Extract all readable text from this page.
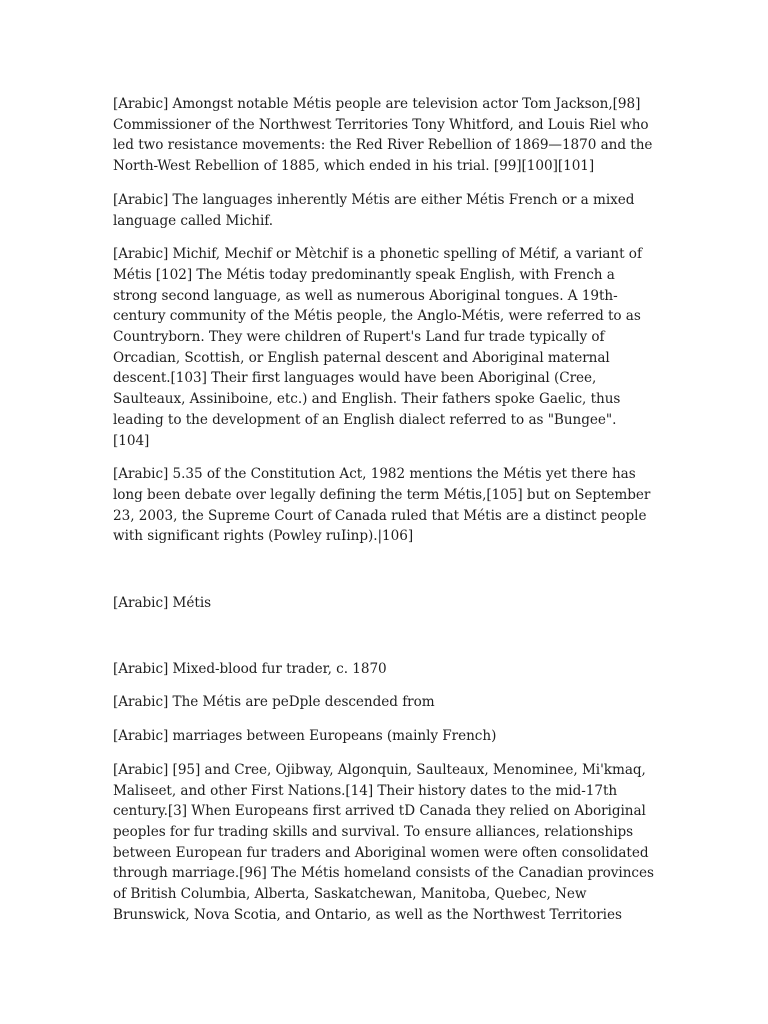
[Arabic] Amongst notable Métis people are television actor Tom Jackson,[98] Commissioner of the Northwest Territories Tony Whitford, and Louis Riel who led two resistance movements: the Red River Rebellion of 1869—1870 and the North-West Rebellion of 1885, which ended in his trial. [99][100][101]

[Arabic] The languages inherently Métis are either Métis French or a mixed language called Michif.

[Arabic] Michif, Mechif or Mètchif is a phonetic spelling of Métif, a variant of Métis [102] The Métis today predominantly speak English, with French a strong second language, as well as numerous Aboriginal tongues. A 19th-century community of the Métis people, the Anglo-Métis, were referred to as Countryborn. They were children of Rupert's Land fur trade typically of Orcadian, Scottish, or English paternal descent and Aboriginal maternal descent.[103] Their first languages would have been Aboriginal (Cree, Saulteaux, Assiniboine, etc.) and English. Their fathers spoke Gaelic, thus leading to the development of an English dialect referred to as "Bungee". [104]

[Arabic] 5.35 of the Constitution Act, 1982 mentions the Métis yet there has long been debate over legally defining the term Métis,[105] but on September 23, 2003, the Supreme Court of Canada ruled that Métis are a distinct people with significant rights (Powley ruIinp).|106]

[Arabic] Métis

[Arabic] Mixed-blood fur trader, c. 1870

[Arabic] The Métis are peDple descended from

[Arabic] marriages between Europeans (mainly French)

[Arabic] [95] and Cree, Ojibway, Algonquin, Saulteaux, Menominee, Mi'kmaq, Maliseet, and other First Nations.[14] Their history dates to the mid-17th century.[3] When Europeans first arrived tD Canada they relied on Aboriginal peoples for fur trading skills and survival. To ensure alliances, relationships between European fur traders and Aboriginal women were often consolidated through marriage.[96] The Métis homeland consists of the Canadian provinces of British Columbia, Alberta, Saskatchewan, Manitoba, Quebec, New Brunswick, Nova Scotia, and Ontario, as well as the Northwest Territories
